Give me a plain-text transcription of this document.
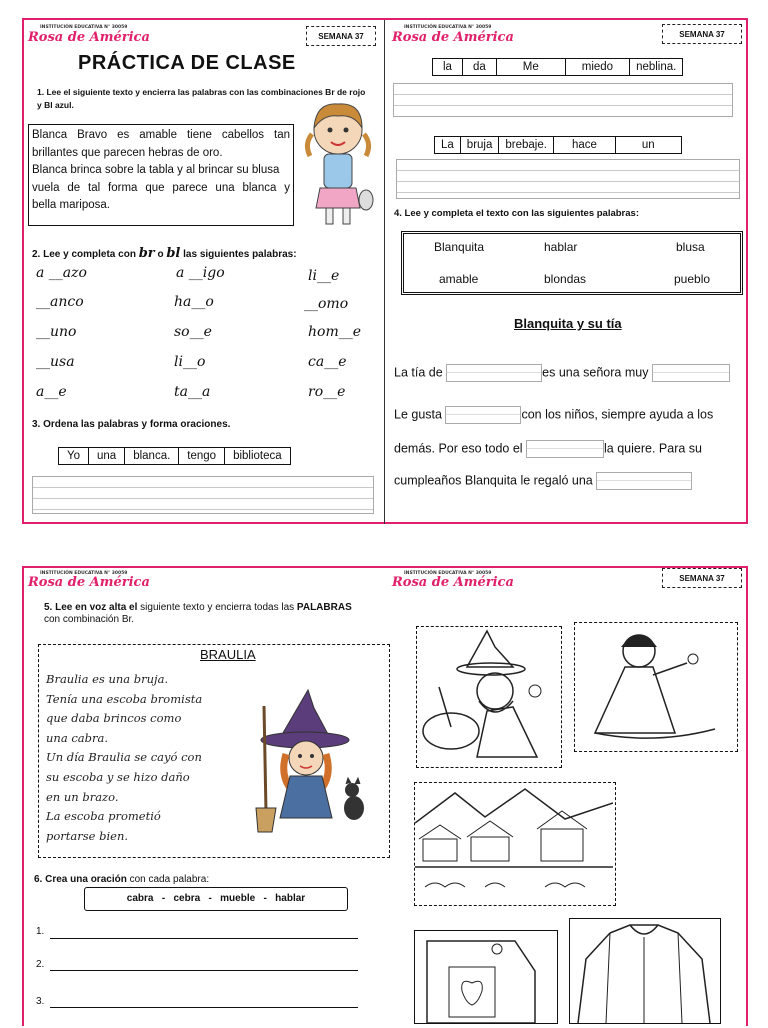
INSTITUCIÓN EDUCATIVA N° 30059
Rosa de América	SEMANA 37
PRÁCTICA DE CLASE
1. Lee el siguiente texto y encierra las palabras con las combinaciones Br de rojo y Bl azul.
Blanca Bravo es amable tiene cabellos tan
brillantes que parecen hebras de oro.
Blanca brinca sobre la tabla y al brincar su blusa
vuela de tal forma que parece una blanca y
bella mariposa.
2. Lee y completa con br o bl las siguientes palabras:
a __azo	a __igo	li__e
__anco	ha__o	__omo
__uno	so__e	hom__e
__usa	li__o	ca__e
a__e	ta__a	ro__e
3. Ordena las palabras y forma oraciones.
Yo	una	blanca.	tengo	biblioteca
INSTITUCIÓN EDUCATIVA N° 30059
Rosa de América	SEMANA 37
la	da	Me	miedo	neblina.
La	bruja	brebaje.	hace	un
4. Lee y completa el texto con las siguientes palabras:
Blanquita	hablar	blusa
amable	blondas	pueblo
Blanquita y su tía
La tía de	es una señora muy
Le gusta	con los niños, siempre ayuda a los
demás. Por eso todo el	la quiere. Para su
cumpleaños Blanquita le regaló una
INSTITUCIÓN EDUCATIVA N° 30059
Rosa de América
INSTITUCIÓN EDUCATIVA N° 30059
Rosa de América	SEMANA 37
5. Lee en voz alta el siguiente texto y encierra todas las PALABRAS con combinación Br.
BRAULIA
Braulia es una bruja.
Tenía una escoba bromista
que daba brincos como
una cabra.
Un día Braulia se cayó con
su escoba y se hizo daño
en un brazo.
La escoba prometió
portarse bien.
6. Crea una oración con cada palabra:
cabra   -   cebra   -   mueble   -   hablar
1.
2.
3.
